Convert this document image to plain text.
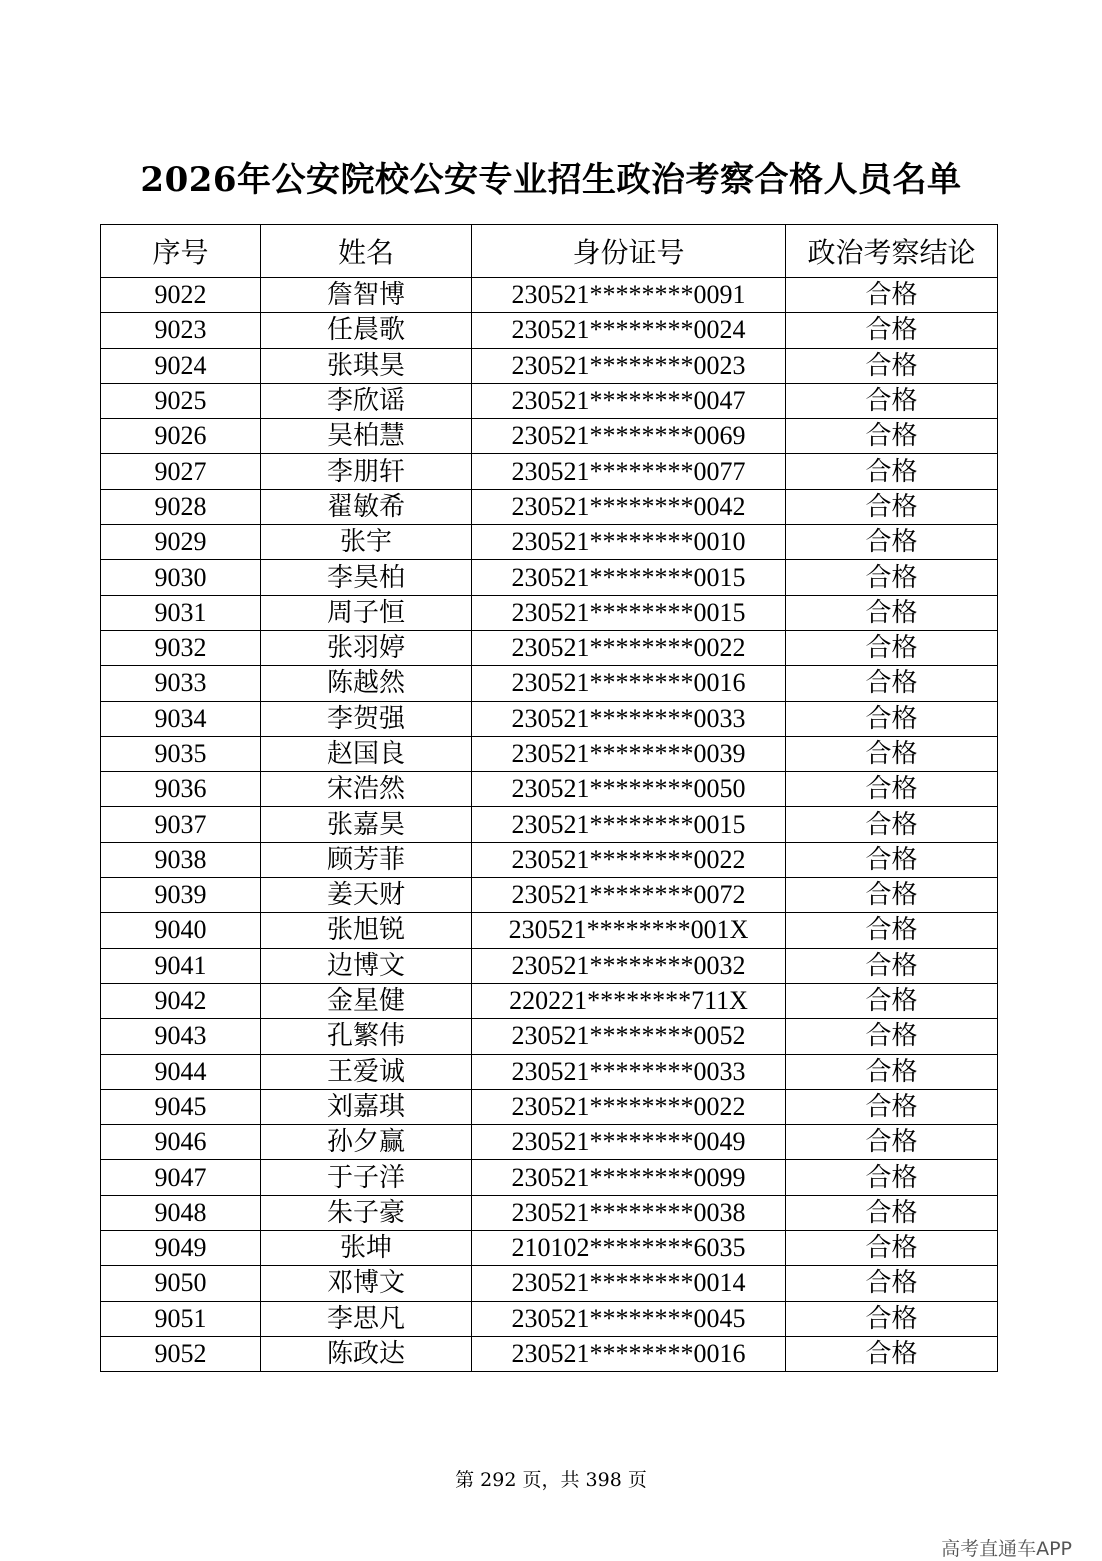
2026年公安院校公安专业招生政治考察合格人员名单
序号	姓名	身份证号	政治考察结论
9022	詹智博	230521********0091	合格
9023	任晨歌	230521********0024	合格
9024	张琪昊	230521********0023	合格
9025	李欣谣	230521********0047	合格
9026	吴柏慧	230521********0069	合格
9027	李朋轩	230521********0077	合格
9028	翟敏希	230521********0042	合格
9029	张宇	230521********0010	合格
9030	李昊柏	230521********0015	合格
9031	周子恒	230521********0015	合格
9032	张羽婷	230521********0022	合格
9033	陈越然	230521********0016	合格
9034	李贺强	230521********0033	合格
9035	赵国良	230521********0039	合格
9036	宋浩然	230521********0050	合格
9037	张嘉昊	230521********0015	合格
9038	顾芳菲	230521********0022	合格
9039	姜天财	230521********0072	合格
9040	张旭锐	230521********001X	合格
9041	边博文	230521********0032	合格
9042	金星健	220221********711X	合格
9043	孔繁伟	230521********0052	合格
9044	王爱诚	230521********0033	合格
9045	刘嘉琪	230521********0022	合格
9046	孙夕赢	230521********0049	合格
9047	于子洋	230521********0099	合格
9048	朱子豪	230521********0038	合格
9049	张坤	210102********6035	合格
9050	邓博文	230521********0014	合格
9051	李思凡	230521********0045	合格
9052	陈政达	230521********0016	合格
第 292 页，共 398 页
高考直通车APP
